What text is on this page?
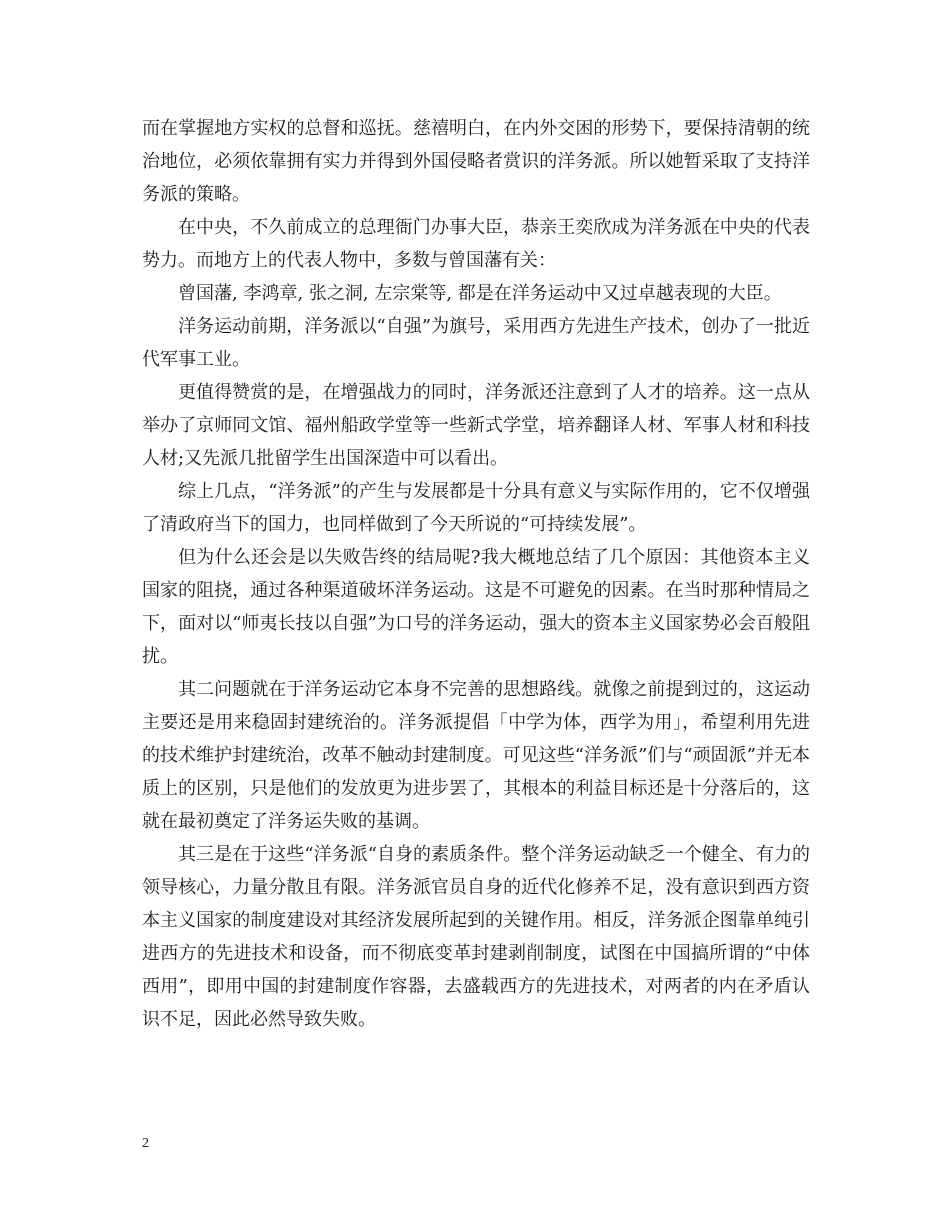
而在掌握地方实权的总督和巡抚。慈禧明白，在内外交困的形势下，要保持清朝的统治地位，必须依靠拥有实力并得到外国侵略者赏识的洋务派。所以她暂采取了支持洋务派的策略。

在中央，不久前成立的总理衙门办事大臣，恭亲王奕欣成为洋务派在中央的代表势力。而地方上的代表人物中，多数与曾国藩有关：

曾国藩, 李鸿章, 张之洞, 左宗棠等, 都是在洋务运动中又过卓越表现的大臣。

洋务运动前期，洋务派以“自强”为旗号，采用西方先进生产技术，创办了一批近代军事工业。

更值得赞赏的是，在增强战力的同时，洋务派还注意到了人才的培养。这一点从举办了京师同文馆、福州船政学堂等一些新式学堂，培养翻译人材、军事人材和科技人材;又先派几批留学生出国深造中可以看出。

综上几点，“洋务派”的产生与发展都是十分具有意义与实际作用的，它不仅增强了清政府当下的国力，也同样做到了今天所说的“可持续发展”。

但为什么还会是以失败告终的结局呢?我大概地总结了几个原因：其他资本主义国家的阻挠，通过各种渠道破坏洋务运动。这是不可避免的因素。在当时那种情局之下，面对以“师夷长技以自强”为口号的洋务运动，强大的资本主义国家势必会百般阻扰。

其二问题就在于洋务运动它本身不完善的思想路线。就像之前提到过的，这运动主要还是用来稳固封建统治的。洋务派提倡「中学为体，西学为用」，希望利用先进的技术维护封建统治，改革不触动封建制度。可见这些“洋务派”们与“顽固派”并无本质上的区别，只是他们的发放更为进步罢了，其根本的利益目标还是十分落后的，这就在最初奠定了洋务运失败的基调。

其三是在于这些“洋务派“自身的素质条件。整个洋务运动缺乏一个健全、有力的领导核心，力量分散且有限。洋务派官员自身的近代化修养不足，没有意识到西方资本主义国家的制度建设对其经济发展所起到的关键作用。相反，洋务派企图靠单纯引进西方的先进技术和设备，而不彻底变革封建剥削制度，试图在中国搞所谓的“中体西用”，即用中国的封建制度作容器，去盛载西方的先进技术，对两者的内在矛盾认识不足，因此必然导致失败。

2
